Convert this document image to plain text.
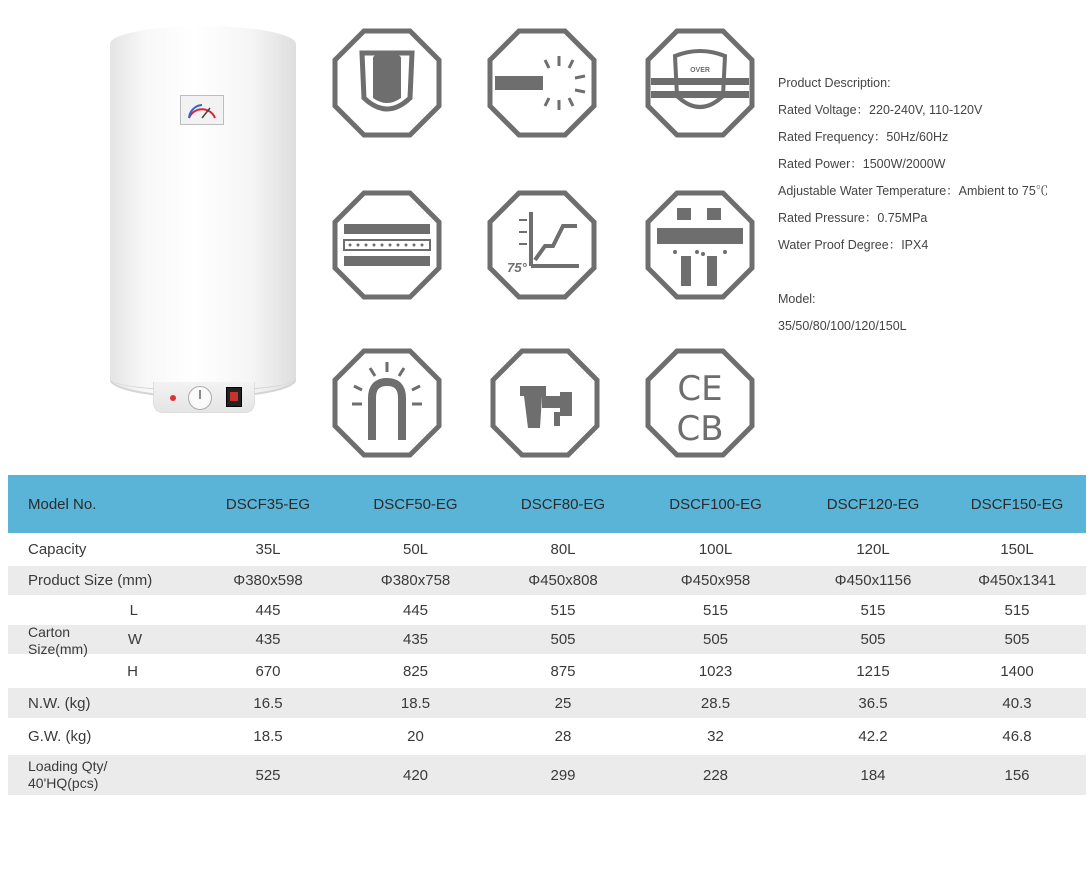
OVER
75°
CE
CB

Product Description:

Rated Voltage：220-240V, 110-120V

Rated Frequency：50Hz/60Hz

Rated Power：1500W/2000W

Adjustable Water Temperature：Ambient to 75℃

Rated Pressure：0.75MPa

Water Proof Degree：IPX4

Model:

35/50/80/100/120/150L

Model No.	DSCF35-EG	DSCF50-EG	DSCF80-EG	DSCF100-EG	DSCF120-EG	DSCF150-EG
Capacity	35L	50L	80L	100L	120L	150L
Product Size (mm)	Φ380x598	Φ380x758	Φ450x808	Φ450x958	Φ450x1156	Φ450x1341
Carton
Size(mm)
L	445	445	515	515	515	515
W	435	435	505	505	505	505
H	670	825	875	1023	1215	1400
N.W. (kg)	16.5	18.5	25	28.5	36.5	40.3
G.W. (kg)	18.5	20	28	32	42.2	46.8
Loading Qty/
40'HQ(pcs)	525	420	299	228	184	156
